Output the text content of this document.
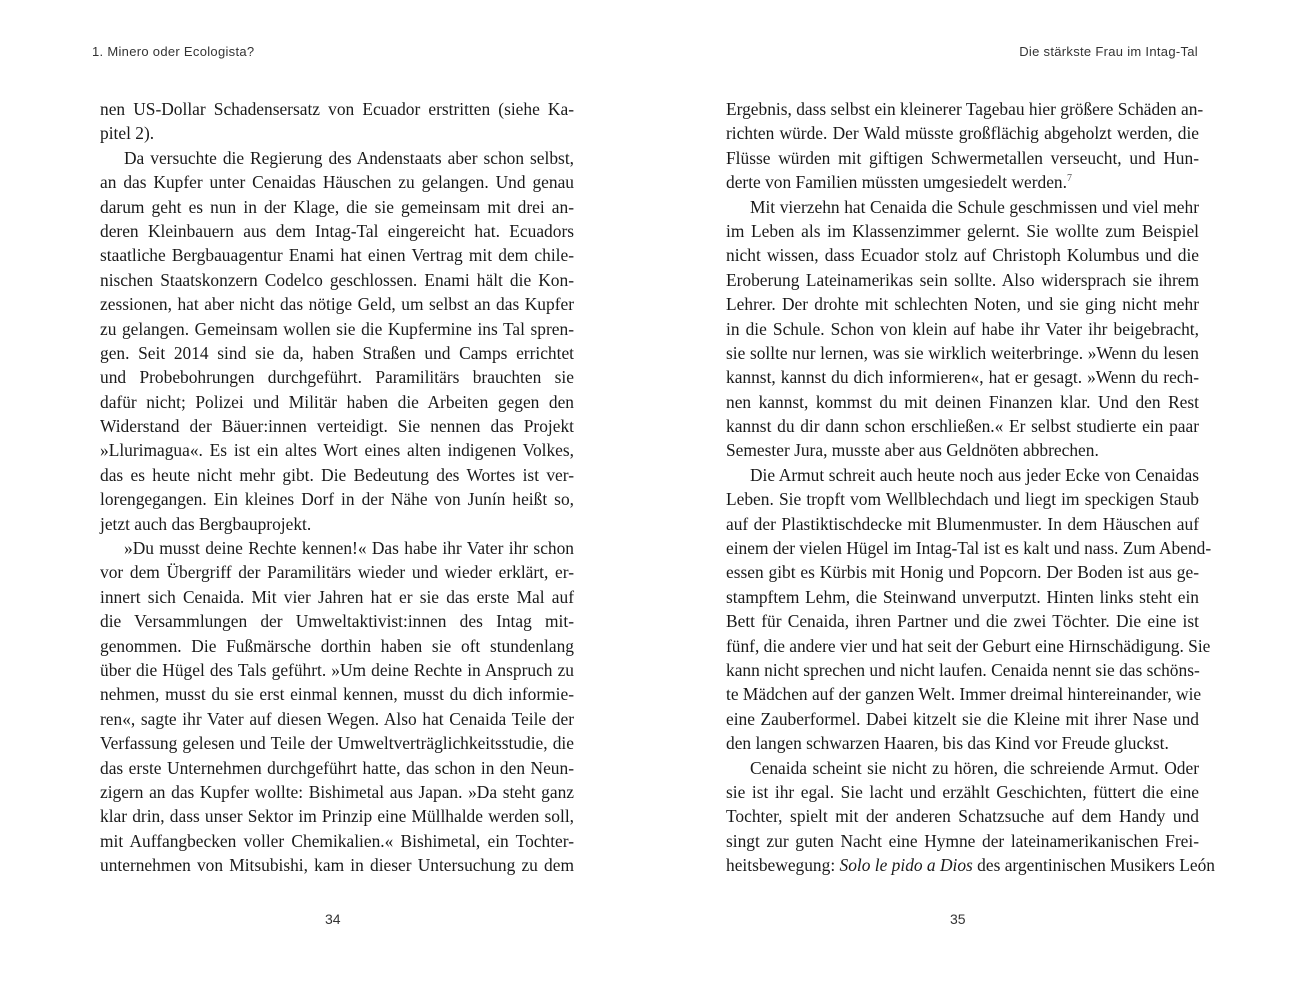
1. Minero oder Ecologista?
nen US-Dollar Schadensersatz von Ecuador erstritten (siehe Ka-
pitel 2).
Da versuchte die Regierung des Andenstaats aber schon selbst,
an das Kupfer unter Cenaidas Häuschen zu gelangen. Und genau
darum geht es nun in der Klage, die sie gemeinsam mit drei an-
deren Kleinbauern aus dem Intag-Tal eingereicht hat. Ecuadors
staatliche Bergbauagentur Enami hat einen Vertrag mit dem chile-
nischen Staatskonzern Codelco geschlossen. Enami hält die Kon-
zessionen, hat aber nicht das nötige Geld, um selbst an das Kupfer
zu gelangen. Gemeinsam wollen sie die Kupfermine ins Tal spren-
gen. Seit 2014 sind sie da, haben Straßen und Camps errichtet
und Probebohrungen durchgeführt. Paramilitärs brauchten sie
dafür nicht; Polizei und Militär haben die Arbeiten gegen den
Widerstand der Bäuer:innen verteidigt. Sie nennen das Projekt
»Llurimagua«. Es ist ein altes Wort eines alten indigenen Volkes,
das es heute nicht mehr gibt. Die Bedeutung des Wortes ist ver-
lorengegangen. Ein kleines Dorf in der Nähe von Junín heißt so,
jetzt auch das Bergbauprojekt.
»Du musst deine Rechte kennen!« Das habe ihr Vater ihr schon
vor dem Übergriff der Paramilitärs wieder und wieder erklärt, er-
innert sich Cenaida. Mit vier Jahren hat er sie das erste Mal auf
die Versammlungen der Umweltaktivist:innen des Intag mit-
genommen. Die Fußmärsche dorthin haben sie oft stundenlang
über die Hügel des Tals geführt. »Um deine Rechte in Anspruch zu
nehmen, musst du sie erst einmal kennen, musst du dich informie-
ren«, sagte ihr Vater auf diesen Wegen. Also hat Cenaida Teile der
Verfassung gelesen und Teile der Umweltverträglichkeitsstudie, die
das erste Unternehmen durchgeführt hatte, das schon in den Neun-
zigern an das Kupfer wollte: Bishimetal aus Japan. »Da steht ganz
klar drin, dass unser Sektor im Prinzip eine Müllhalde werden soll,
mit Auffangbecken voller Chemikalien.« Bishimetal, ein Tochter-
unternehmen von Mitsubishi, kam in dieser Untersuchung zu dem
34
Die stärkste Frau im Intag-Tal
Ergebnis, dass selbst ein kleinerer Tagebau hier größere Schäden an-
richten würde. Der Wald müsste großflächig abgeholzt werden, die
Flüsse würden mit giftigen Schwermetallen verseucht, und Hun-
derte von Familien müssten umgesiedelt werden.$^7$
Mit vierzehn hat Cenaida die Schule geschmissen und viel mehr
im Leben als im Klassenzimmer gelernt. Sie wollte zum Beispiel
nicht wissen, dass Ecuador stolz auf Christoph Kolumbus und die
Eroberung Lateinamerikas sein sollte. Also widersprach sie ihrem
Lehrer. Der drohte mit schlechten Noten, und sie ging nicht mehr
in die Schule. Schon von klein auf habe ihr Vater ihr beigebracht,
sie sollte nur lernen, was sie wirklich weiterbringe. »Wenn du lesen
kannst, kannst du dich informieren«, hat er gesagt. »Wenn du rech-
nen kannst, kommst du mit deinen Finanzen klar. Und den Rest
kannst du dir dann schon erschließen.« Er selbst studierte ein paar
Semester Jura, musste aber aus Geldnöten abbrechen.
Die Armut schreit auch heute noch aus jeder Ecke von Cenaidas
Leben. Sie tropft vom Wellblechdach und liegt im speckigen Staub
auf der Plastiktischdecke mit Blumenmuster. In dem Häuschen auf
einem der vielen Hügel im Intag-Tal ist es kalt und nass. Zum Abend-
essen gibt es Kürbis mit Honig und Popcorn. Der Boden ist aus ge-
stampftem Lehm, die Steinwand unverputzt. Hinten links steht ein
Bett für Cenaida, ihren Partner und die zwei Töchter. Die eine ist
fünf, die andere vier und hat seit der Geburt eine Hirnschädigung. Sie
kann nicht sprechen und nicht laufen. Cenaida nennt sie das schöns-
te Mädchen auf der ganzen Welt. Immer dreimal hintereinander, wie
eine Zauberformel. Dabei kitzelt sie die Kleine mit ihrer Nase und
den langen schwarzen Haaren, bis das Kind vor Freude gluckst.
Cenaida scheint sie nicht zu hören, die schreiende Armut. Oder
sie ist ihr egal. Sie lacht und erzählt Geschichten, füttert die eine
Tochter, spielt mit der anderen Schatzsuche auf dem Handy und
singt zur guten Nacht eine Hymne der lateinamerikanischen Frei-
heitsbewegung: Solo le pido a Dios des argentinischen Musikers León
35
